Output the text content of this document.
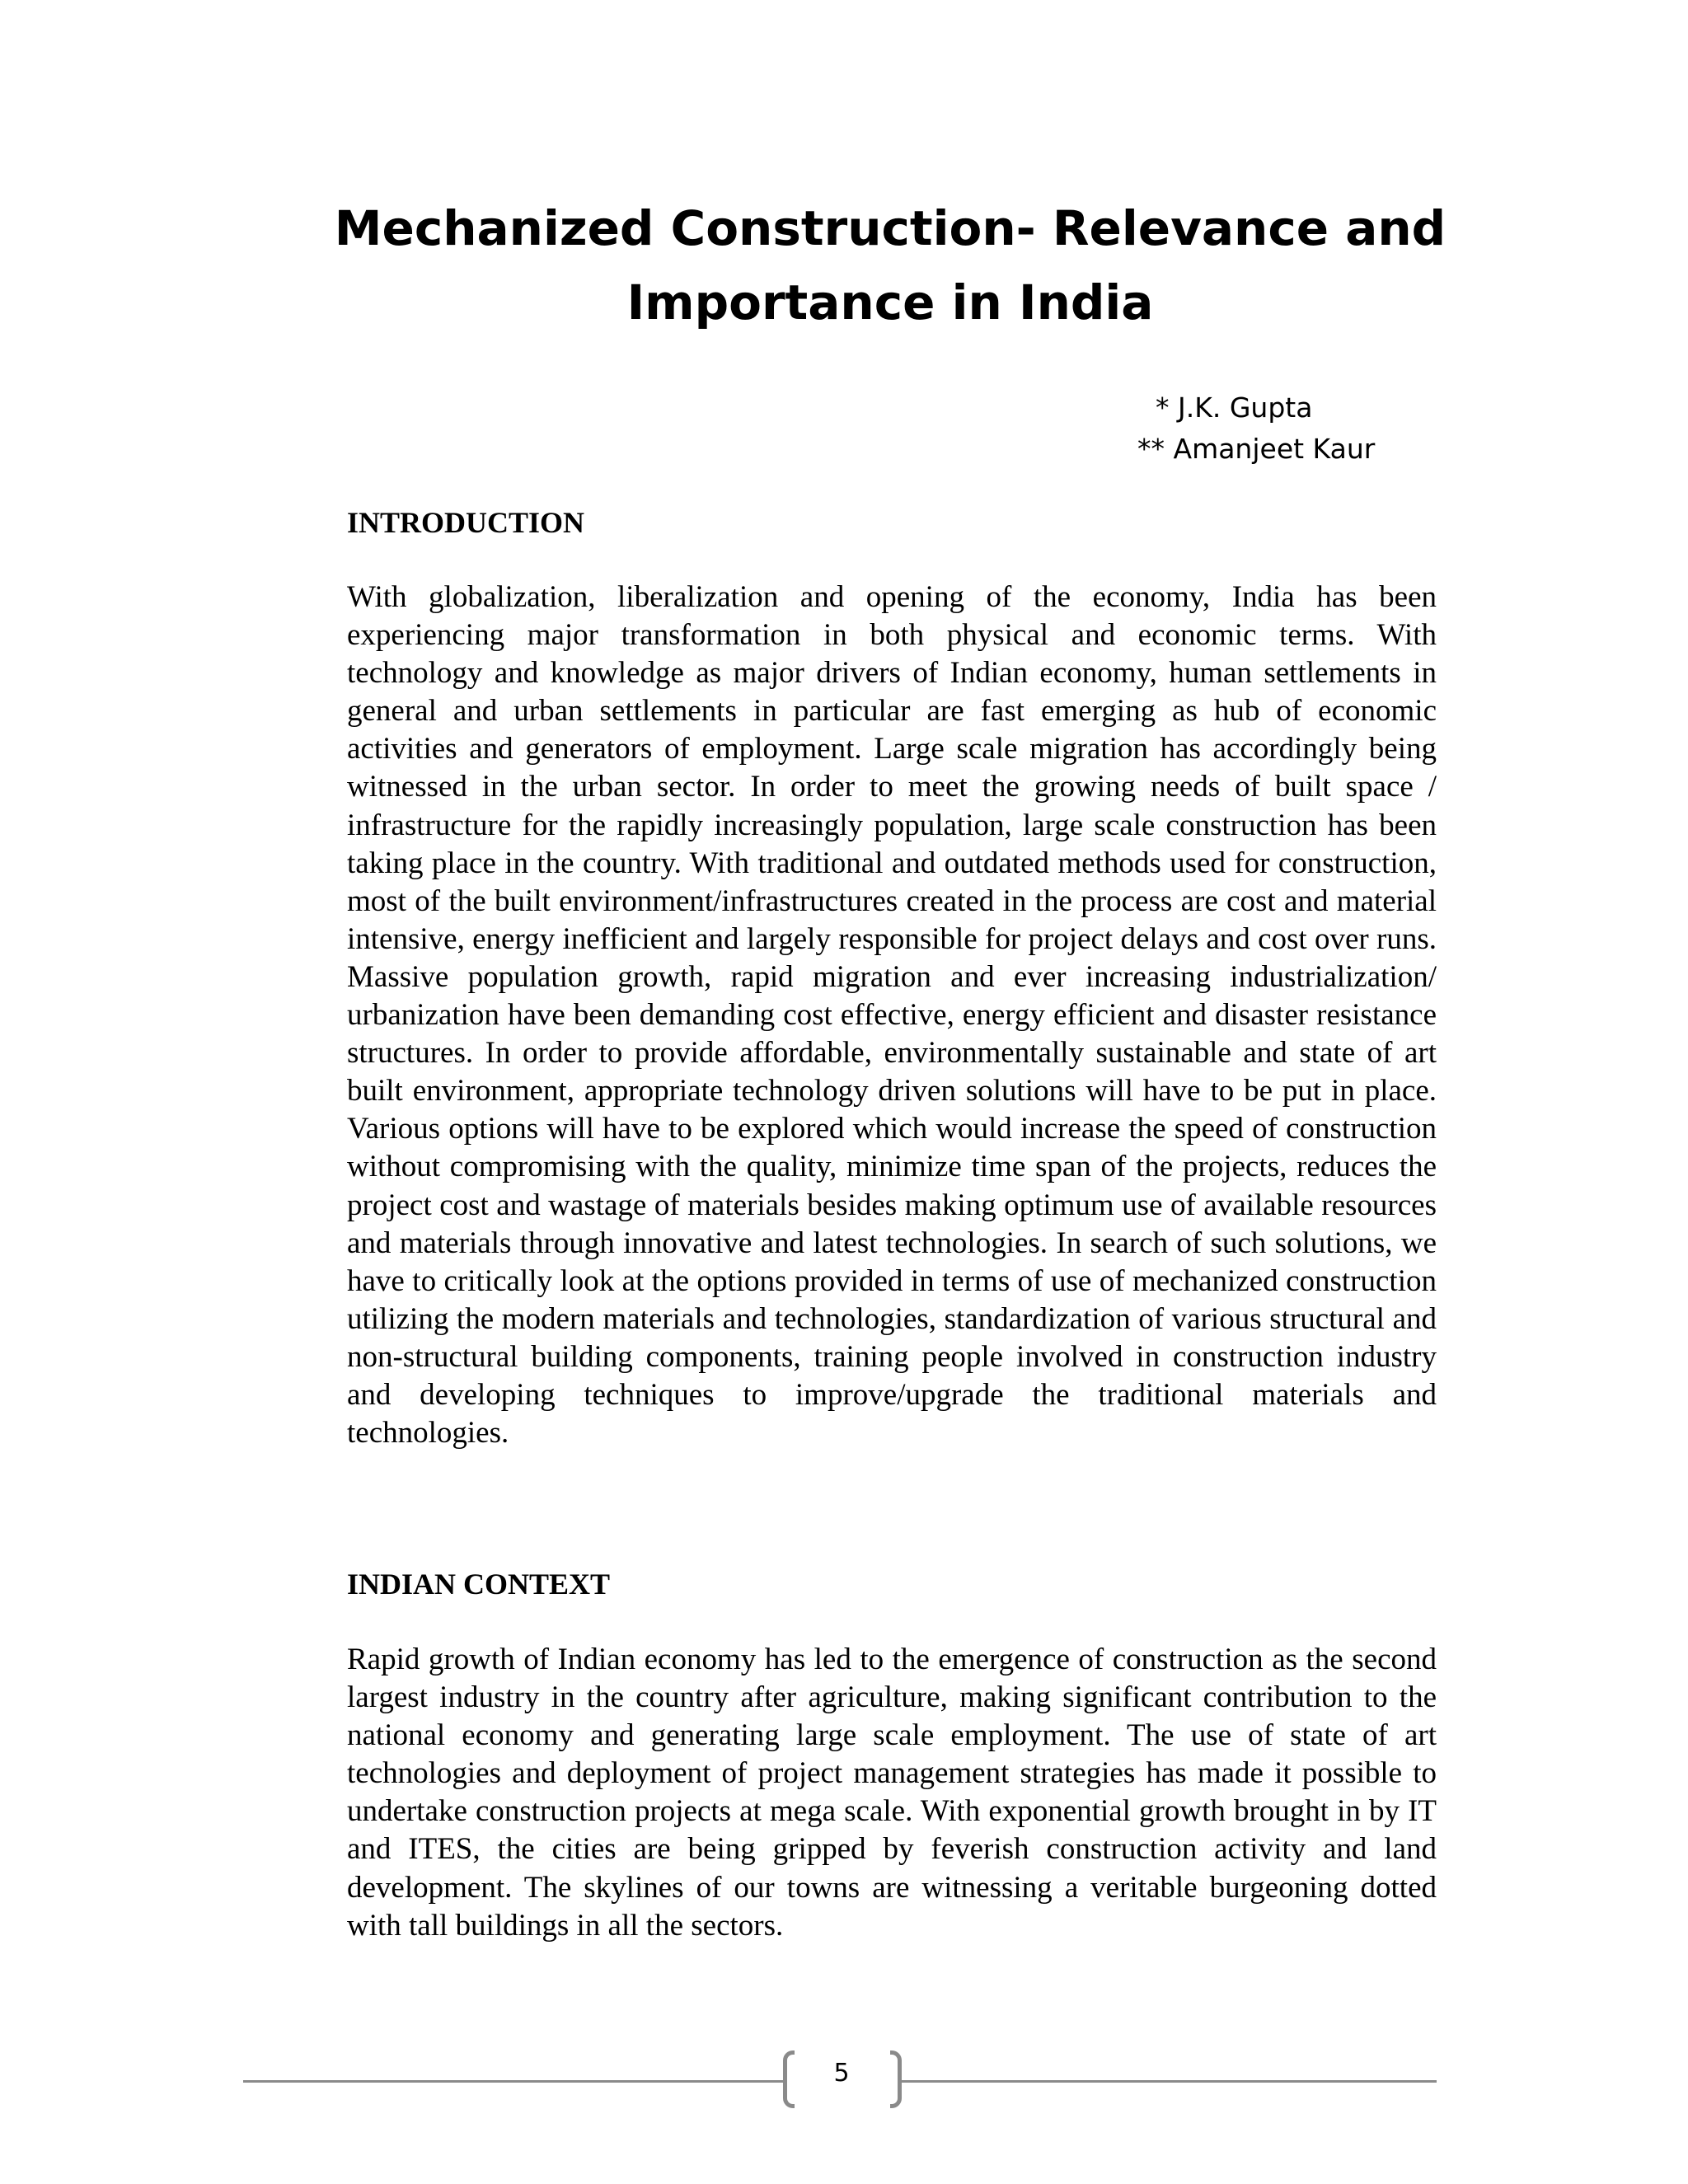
Mechanized Construction- Relevance and
Importance in India
* J.K. Gupta
** Amanjeet Kaur
INTRODUCTION

With globalization, liberalization and opening of the economy, India has been experiencing major transformation in both physical and economic terms. With technology and knowledge as major drivers of Indian economy, human settlements in general and urban settlements in particular are fast emerging as hub of economic activities and generators of employment. Large scale migration has accordingly being witnessed in the urban sector. In order to meet the growing needs of built space / infrastructure for the rapidly increasingly population, large scale construction has been taking place in the country. With traditional and outdated methods used for construction, most of the built environment/infrastructures created in the process are cost and material intensive, energy inefficient and largely responsible for project delays and cost over runs. Massive population growth, rapid migration and ever increasing industrialization/ urbanization have been demanding cost effective, energy efficient and disaster resistance structures. In order to provide affordable, environmentally sustainable and state of art built environment, appropriate technology driven solutions will have to be put in place. Various options will have to be explored which would increase the speed of construction without compromising with the quality, minimize time span of the projects, reduces the project cost and wastage of materials besides making optimum use of available resources and materials through innovative and latest technologies. In search of such solutions, we have to critically look at the options provided in terms of use of mechanized construction utilizing the modern materials and technologies, standardization of various structural and non-structural building components, training people involved in construction industry and developing techniques to improve/upgrade the traditional materials and technologies.

INDIAN CONTEXT

Rapid growth of Indian economy has led to the emergence of construction as the second largest industry in the country after agriculture, making significant contribution to the national economy and generating large scale employment. The use of state of art technologies and deployment of project management strategies has made it possible to undertake construction projects at mega scale. With exponential growth brought in by IT and ITES, the cities are being gripped by feverish construction activity and land development. The skylines of our towns are witnessing a veritable burgeoning dotted with tall buildings in all the sectors.

5
